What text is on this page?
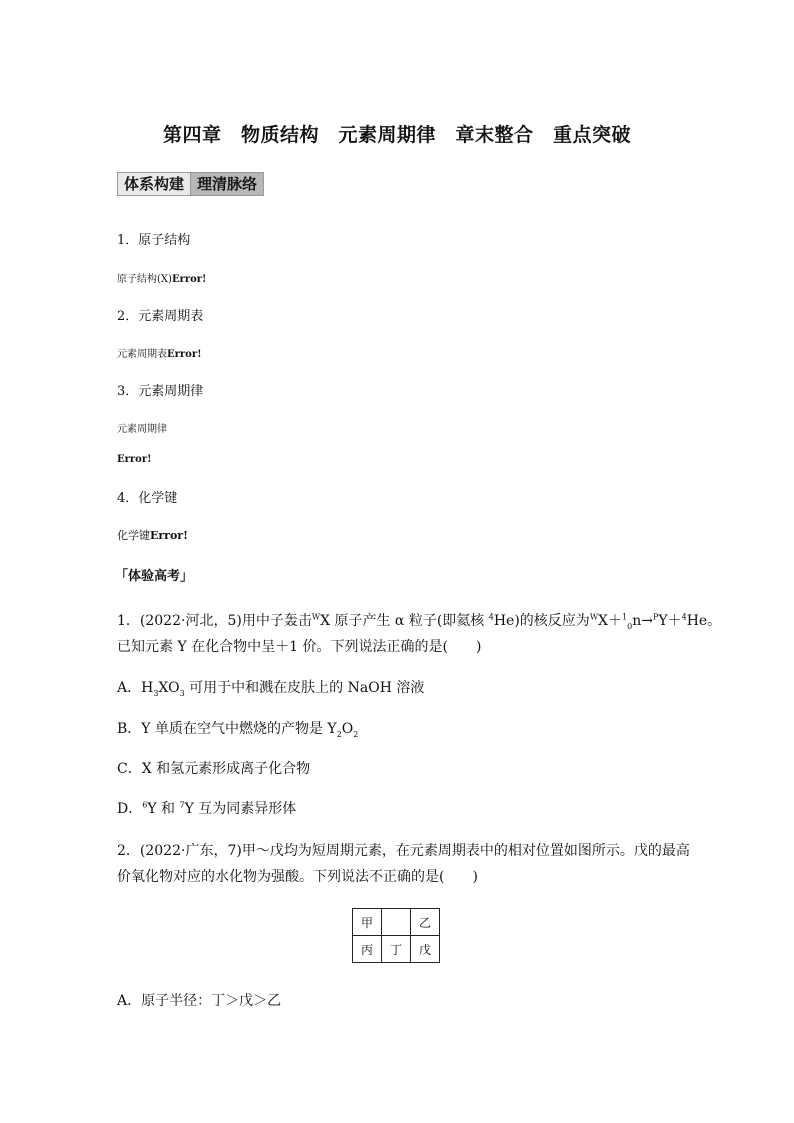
第四章　物质结构　元素周期律　章末整合　重点突破
体系构建 理清脉络
1．原子结构
原子结构(X)Error!
2．元素周期表
元素周期表Error!
3．元素周期律
元素周期律
Error!
4．化学键
化学键Error!
「体验高考」
1．(2022·河北，5)用中子轰击$^W$X 原子产生 α 粒子(即氦核 $^4$He)的核反应为$^W$X＋$^1_0$n→$^P$Y＋$^4$He。
已知元素 Y 在化合物中呈＋1 价。下列说法正确的是(　　)
A．$H_3XO_3$ 可用于中和溅在皮肤上的 NaOH 溶液
B．Y 单质在空气中燃烧的产物是 $Y_2O_2$
C．X 和氢元素形成离子化合物
D．$^6$Y 和 $^7$Y 互为同素异形体
2．(2022·广东，7)甲～戊均为短周期元素，在元素周期表中的相对位置如图所示。戊的最高
价氧化物对应的水化物为强酸。下列说法不正确的是(　　)
甲		乙
丙	丁	戊
A．原子半径：丁＞戊＞乙
